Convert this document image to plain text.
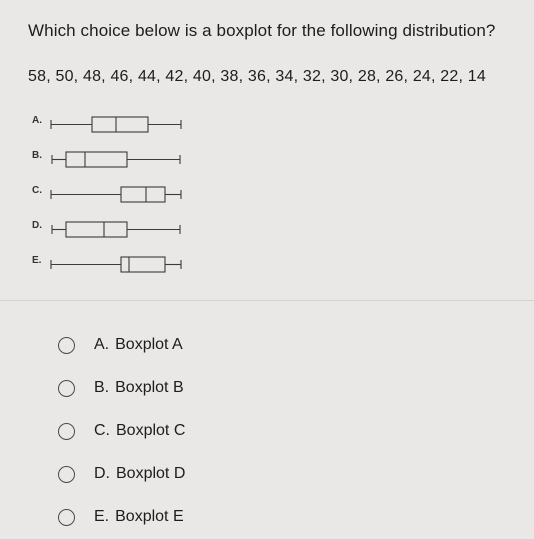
Which choice below is a boxplot for the following distribution?
58, 50, 48, 46, 44, 42, 40, 38, 36, 34, 32, 30, 28, 26, 24, 22, 14
A.
B.
C.
D.
E.
A. Boxplot A
B. Boxplot B
C. Boxplot C
D. Boxplot D
E. Boxplot E
